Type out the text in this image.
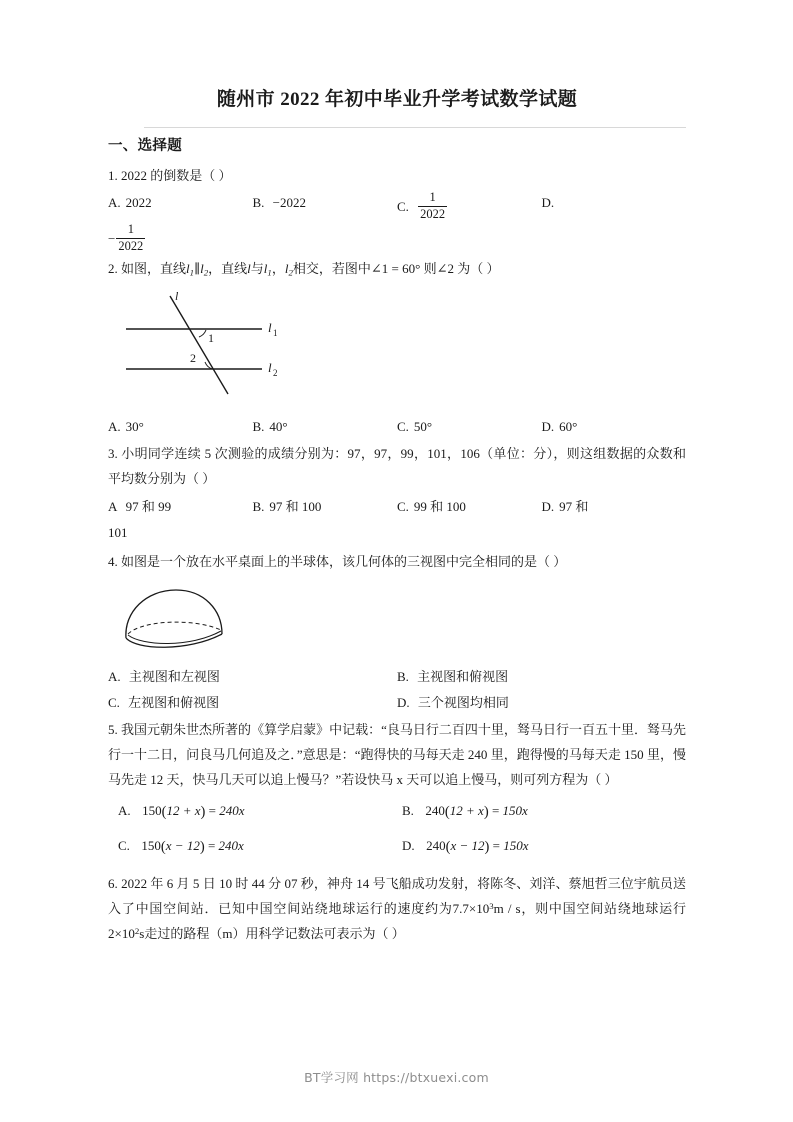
随州市 2022 年初中毕业升学考试数学试题
一、选择题
1. 2022 的倒数是（ ）
A. 2022	B. −2022	C. $\frac{1}{2022}$	D.
− $\frac{1}{2022}$
2. 如图，直线$l_1\parallel l_2$，直线l与$l_1$，$l_2$相交，若图中∠1 = 60° 则∠2 为（ ）
l
l 1
l 2
1
2
A. 30°	B. 40°	C. 50°	D. 60°
3. 小明同学连续 5 次测验的成绩分别为：97，97，99，101，106（单位：分），则这组数据的众数和平均数分别为（ ）
A 97 和 99	B. 97 和 100	C. 99 和 100	D. 97 和
101
4. 如图是一个放在水平桌面上的半球体，该几何体的三视图中完全相同的是（ ）
A. 主视图和左视图	B. 主视图和俯视图
C. 左视图和俯视图	D. 三个视图均相同
5. 我国元朝朱世杰所著的《算学启蒙》中记载：“良马日行二百四十里，驽马日行一百五十里．驽马先行一十二日，问良马几何追及之．”意思是：“跑得快的马每天走 240 里，跑得慢的马每天走 150 里，慢马先走 12 天，快马几天可以追上慢马？”若设快马 x 天可以追上慢马，则可列方程为（ ）
A. 150(12 + x) = 240x	B. 240(12 + x) = 150x
C. 150(x − 12) = 240x	D. 240(x − 12) = 150x
6. 2022 年 6 月 5 日 10 时 44 分 07 秒，神舟 14 号飞船成功发射，将陈冬、刘洋、蔡旭哲三位宇航员送入了中国空间站．已知中国空间站绕地球运行的速度约为$7.7\times 10^3m / s$，则中国空间站绕地球运行$2\times 10^2s$走过的路程（m）用科学记数法可表示为（ ）
BT学习网 https://btxuexi.com
